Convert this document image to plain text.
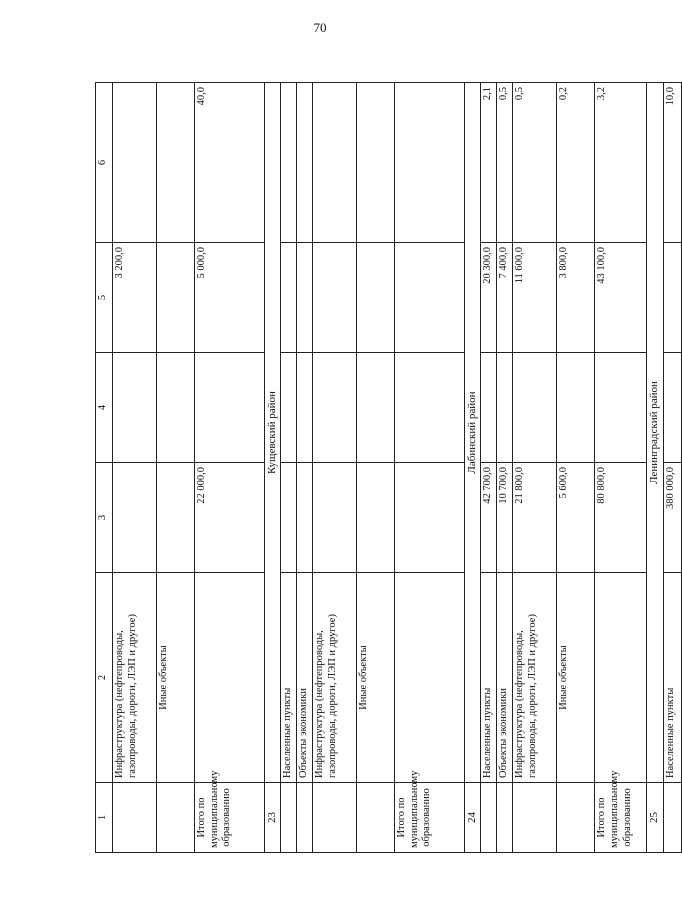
70
1	2	3	4	5	6
	Инфраструктура (нефтепроводы, газопроводы, дороги, ЛЭП и другое)			3 200,0	
	Иные объекты				
Итого по муниципальному образованию		22 000,0		5 000,0	40,0
23	Кущевский район				
	Населенные пункты				
	Объекты экономики				
	Инфраструктура (нефтепроводы, газопроводы, дороги, ЛЭП и другое)				
	Иные объекты				
Итого по муниципальному образованию					
24	Лабинский район				
	Населенные пункты	42 700,0		20 300,0	2,1
	Объекты экономики	10 700,0		7 400,0	0,5
	Инфраструктура (нефтепроводы, газопроводы, дороги, ЛЭП и другое)	21 800,0		11 600,0	0,5
	Иные объекты	5 600,0		3 800,0	0,2
Итого по муниципальному образованию		80 800,0		43 100,0	3,2
25	Ленинградский район				
	Населенные пункты	380 000,0			10,0
